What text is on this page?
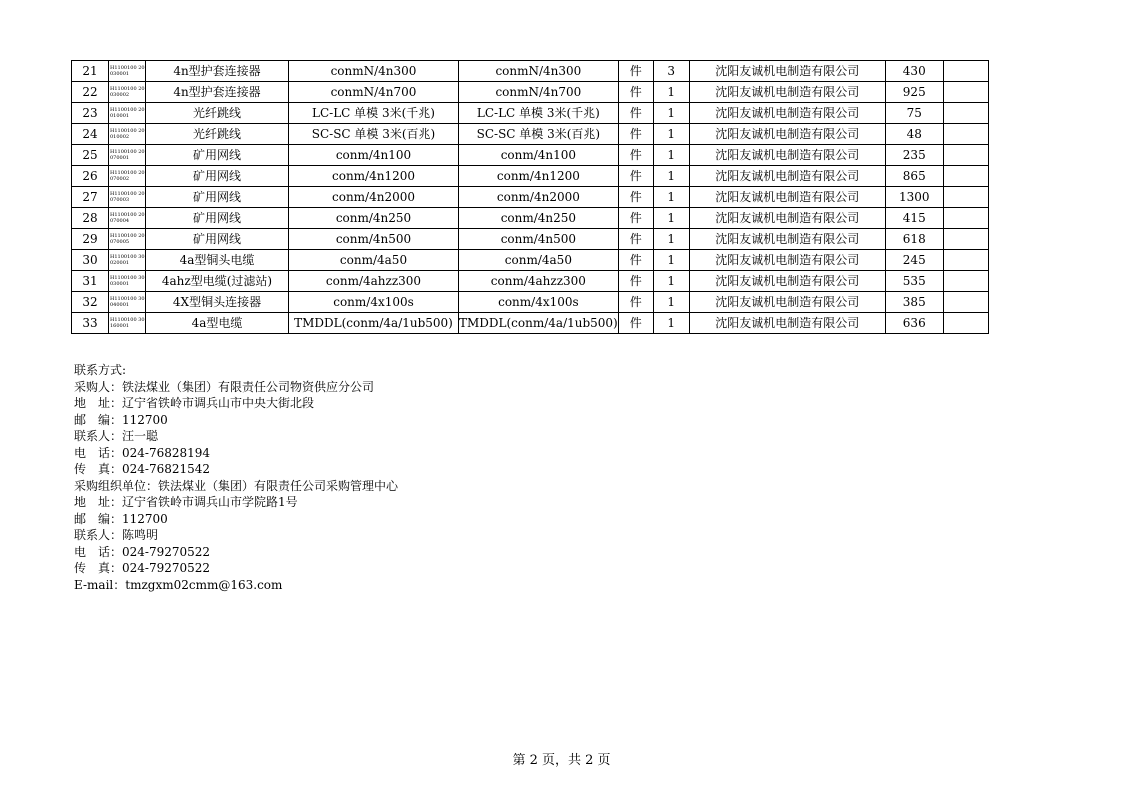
21	H1100100 20030001	4n型护套连接器	conmN/4n300	conmN/4n300	件	3	沈阳友诚机电制造有限公司	430	
22	H1100100 20030002	4n型护套连接器	conmN/4n700	conmN/4n700	件	1	沈阳友诚机电制造有限公司	925	
23	H1100100 20010001	光纤跳线	LC-LC 单模 3米(千兆)	LC-LC 单模 3米(千兆)	件	1	沈阳友诚机电制造有限公司	75	
24	H1100100 20010002	光纤跳线	SC-SC 单模 3米(百兆)	SC-SC 单模 3米(百兆)	件	1	沈阳友诚机电制造有限公司	48	
25	H1100100 20070001	矿用网线	conm/4n100	conm/4n100	件	1	沈阳友诚机电制造有限公司	235	
26	H1100100 20070002	矿用网线	conm/4n1200	conm/4n1200	件	1	沈阳友诚机电制造有限公司	865	
27	H1100100 20070003	矿用网线	conm/4n2000	conm/4n2000	件	1	沈阳友诚机电制造有限公司	1300	
28	H1100100 20070004	矿用网线	conm/4n250	conm/4n250	件	1	沈阳友诚机电制造有限公司	415	
29	H1100100 20070005	矿用网线	conm/4n500	conm/4n500	件	1	沈阳友诚机电制造有限公司	618	
30	H1100100 30020001	4a型铜头电缆	conm/4a50	conm/4a50	件	1	沈阳友诚机电制造有限公司	245	
31	H1100100 30030001	4ahz型电缆(过滤站)	conm/4ahzz300	conm/4ahzz300	件	1	沈阳友诚机电制造有限公司	535	
32	H1100100 30040001	4X型铜头连接器	conm/4x100s	conm/4x100s	件	1	沈阳友诚机电制造有限公司	385	
33	H1100100 30160001	4a型电缆	TMDDL(conm/4a/1ub500)	TMDDL(conm/4a/1ub500)	件	1	沈阳友诚机电制造有限公司	636	
联系方式:
采购人：铁法煤业（集团）有限责任公司物资供应分公司
地　址：辽宁省铁岭市调兵山市中央大街北段
邮　编：112700
联系人：汪一聪
电　话：024-76828194
传　真：024-76821542
采购组织单位：铁法煤业（集团）有限责任公司采购管理中心
地　址：辽宁省铁岭市调兵山市学院路1号
邮　编：112700
联系人：陈鸣明
电　话：024-79270522
传　真：024-79270522
E-mail：tmzgxm02cmm@163.com
第 2 页，共 2 页
